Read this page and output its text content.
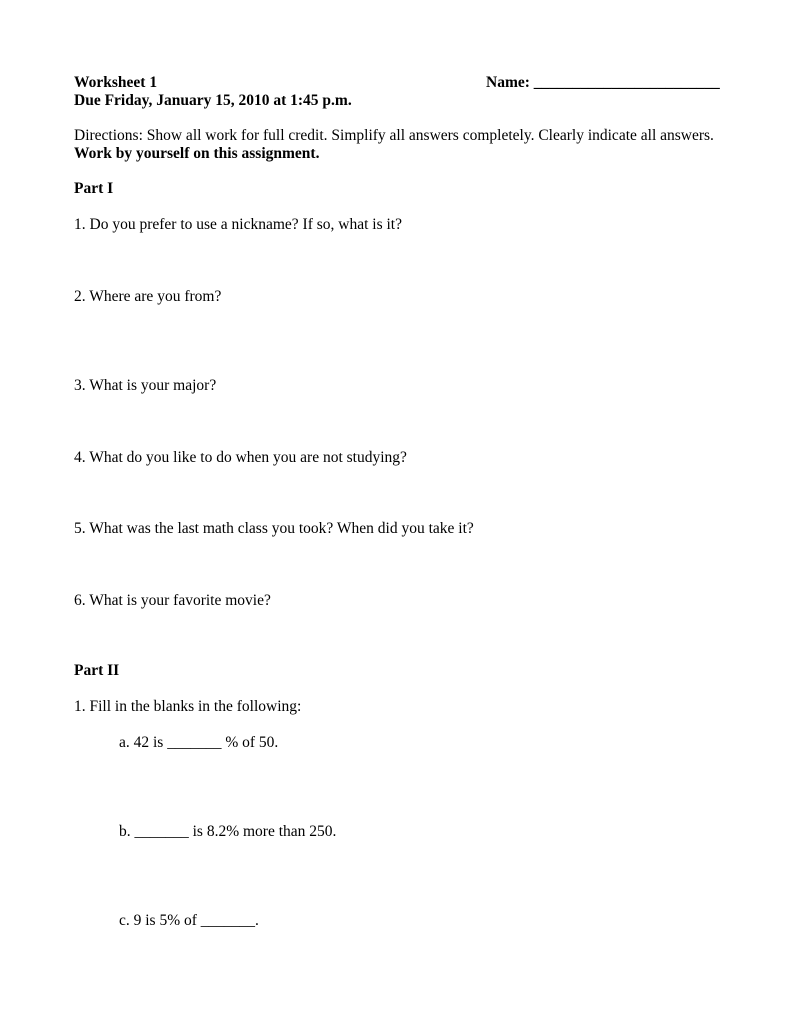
Worksheet 1	Name: ________________________
Due Friday, January 15, 2010 at 1:45 p.m.
Directions: Show all work for full credit. Simplify all answers completely. Clearly indicate all answers.
Work by yourself on this assignment.
Part I
1. Do you prefer to use a nickname? If so, what is it?
2. Where are you from?
3. What is your major?
4. What do you like to do when you are not studying?
5. What was the last math class you took? When did you take it?
6. What is your favorite movie?
Part II
1. Fill in the blanks in the following:
a. 42 is _______ % of 50.
b. _______ is 8.2% more than 250.
c. 9 is 5% of _______.
